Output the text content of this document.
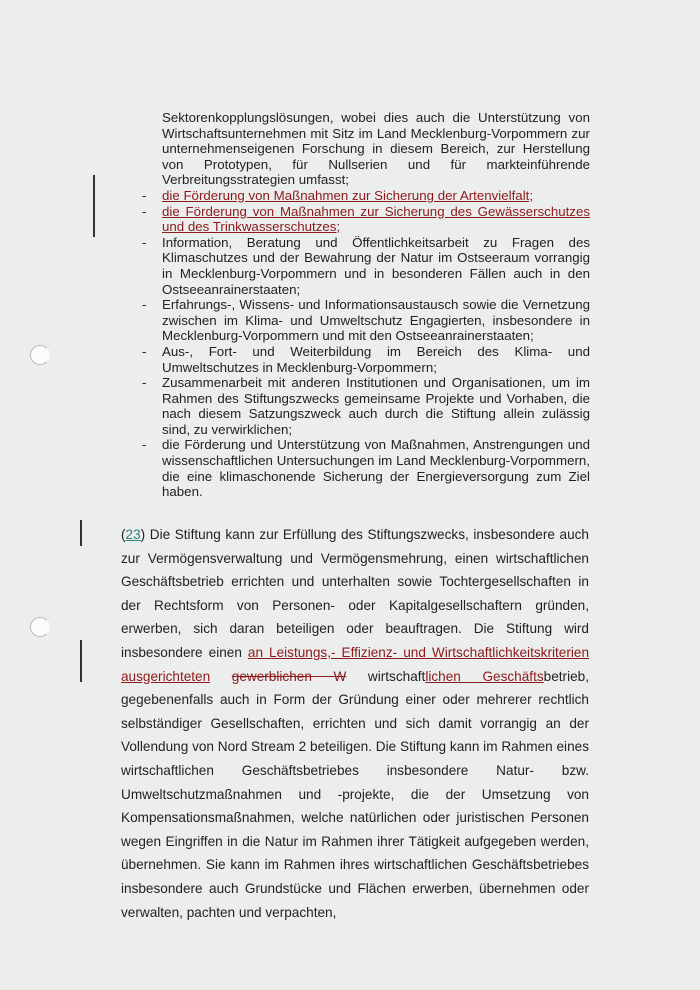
Sektorenkopplungslösungen, wobei dies auch die Unterstützung von Wirtschaftsunternehmen mit Sitz im Land Mecklenburg-Vorpommern zur unternehmenseigenen Forschung in diesem Bereich, zur Herstellung von Prototypen, für Nullserien und für markteinführende Verbreitungsstrategien umfasst;

- die Förderung von Maßnahmen zur Sicherung der Artenvielfalt;
- die Förderung von Maßnahmen zur Sicherung des Gewässerschutzes und des Trinkwasserschutzes;
- Information, Beratung und Öffentlichkeitsarbeit zu Fragen des Klimaschutzes und der Bewahrung der Natur im Ostseeraum vorrangig in Mecklenburg-Vorpommern und in besonderen Fällen auch in den Ostseeanrainerstaaten;
- Erfahrungs-, Wissens- und Informationsaustausch sowie die Vernetzung zwischen im Klima- und Umweltschutz Engagierten, insbesondere in Mecklenburg-Vorpommern und mit den Ostseeanrainerstaaten;
- Aus-, Fort- und Weiterbildung im Bereich des Klima- und Umweltschutzes in Mecklenburg-Vorpommern;
- Zusammenarbeit mit anderen Institutionen und Organisationen, um im Rahmen des Stiftungszwecks gemeinsame Projekte und Vorhaben, die nach diesem Satzungszweck auch durch die Stiftung allein zulässig sind, zu verwirklichen;
- die Förderung und Unterstützung von Maßnahmen, Anstrengungen und wissenschaftlichen Untersuchungen im Land Mecklenburg-Vorpommern, die eine klimaschonende Sicherung der Energieversorgung zum Ziel haben.

(23) Die Stiftung kann zur Erfüllung des Stiftungszwecks, insbesondere auch zur Vermögensverwaltung und Vermögensmehrung, einen wirtschaftlichen Geschäftsbetrieb errichten und unterhalten sowie Tochtergesellschaften in der Rechtsform von Personen- oder Kapitalgesellschaftern gründen, erwerben, sich daran beteiligen oder beauftragen. Die Stiftung wird insbesondere einen an Leistungs,- Effizienz- und Wirtschaftlichkeitskriterien ausgerichteten gewerblichen W wirtschaftlichen Geschäftsbetrieb, gegebenenfalls auch in Form der Gründung einer oder mehrerer rechtlich selbständiger Gesellschaften, errichten und sich damit vorrangig an der Vollendung von Nord Stream 2 beteiligen. Die Stiftung kann im Rahmen eines wirtschaftlichen Geschäftsbetriebes insbesondere Natur- bzw. Umweltschutzmaßnahmen und -projekte, die der Umsetzung von Kompensationsmaßnahmen, welche natürlichen oder juristischen Personen wegen Eingriffen in die Natur im Rahmen ihrer Tätigkeit aufgegeben werden, übernehmen. Sie kann im Rahmen ihres wirtschaftlichen Geschäftsbetriebes insbesondere auch Grundstücke und Flächen erwerben, übernehmen oder verwalten, pachten und verpachten,
